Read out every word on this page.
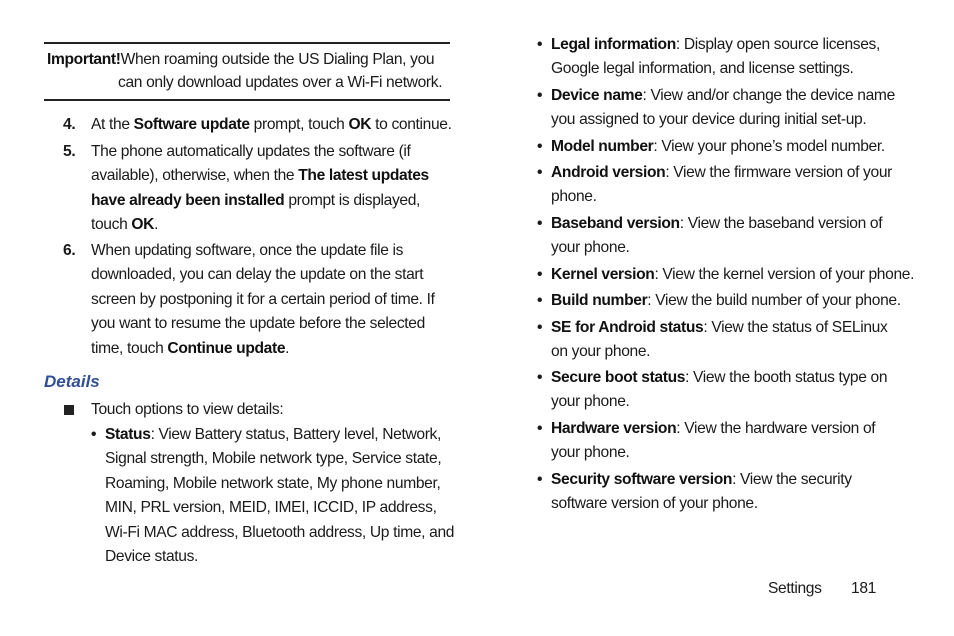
Important!When roaming outside the US Dialing Plan, you
can only download updates over a Wi-Fi network.
4. At the Software update prompt, touch OK to continue.
5. The phone automatically updates the software (if available), otherwise, when the The latest updates have already been installed prompt is displayed, touch OK.
6. When updating software, once the update file is downloaded, you can delay the update on the start screen by postponing it for a certain period of time. If you want to resume the update before the selected time, touch Continue update.
Details
Touch options to view details:
• Status: View Battery status, Battery level, Network, Signal strength, Mobile network type, Service state, Roaming, Mobile network state, My phone number, MIN, PRL version, MEID, IMEI, ICCID, IP address, Wi-Fi MAC address, Bluetooth address, Up time, and Device status.
• Legal information: Display open source licenses, Google legal information, and license settings.
• Device name: View and/or change the device name you assigned to your device during initial set-up.
• Model number: View your phone’s model number.
• Android version: View the firmware version of your phone.
• Baseband version: View the baseband version of your phone.
• Kernel version: View the kernel version of your phone.
• Build number: View the build number of your phone.
• SE for Android status: View the status of SELinux on your phone.
• Secure boot status: View the booth status type on your phone.
• Hardware version: View the hardware version of your phone.
• Security software version: View the security software version of your phone.
Settings 181
